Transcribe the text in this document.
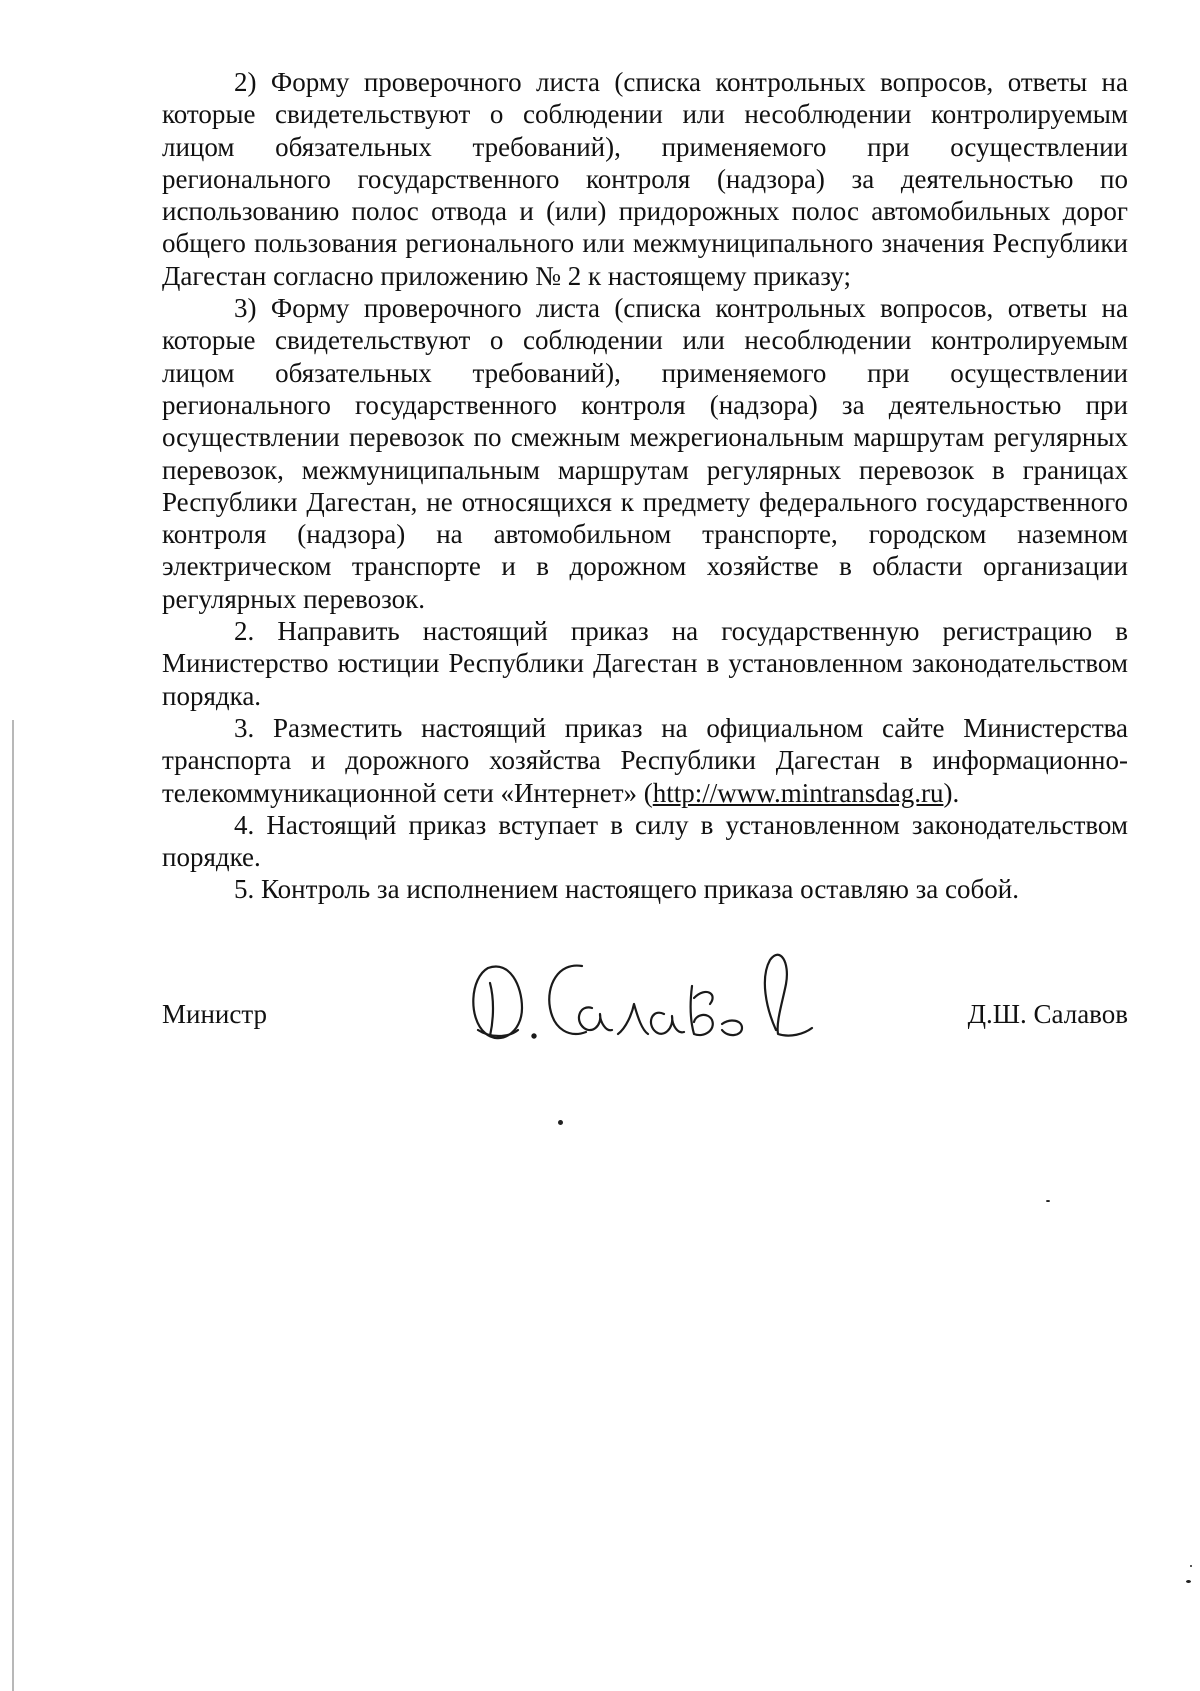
2) Форму проверочного листа (списка контрольных вопросов, ответы на которые свидетельствуют о соблюдении или несоблюдении контролируемым лицом обязательных требований), применяемого при осуществлении регионального государственного контроля (надзора) за деятельностью по использованию полос отвода и (или) придорожных полос автомобильных дорог общего пользования регионального или межмуниципального значения Республики Дагестан согласно приложению № 2 к настоящему приказу;

3) Форму проверочного листа (списка контрольных вопросов, ответы на которые свидетельствуют о соблюдении или несоблюдении контролируемым лицом обязательных требований), применяемого при осуществлении регионального государственного контроля (надзора) за деятельностью при осуществлении перевозок по смежным межрегиональным маршрутам регулярных перевозок, межмуниципальным маршрутам регулярных перевозок в границах Республики Дагестан, не относящихся к предмету федерального государственного контроля (надзора) на автомобильном транспорте, городском наземном электрическом транспорте и в дорожном хозяйстве в области организации регулярных перевозок.

2. Направить настоящий приказ на государственную регистрацию в Министерство юстиции Республики Дагестан в установленном законодательством порядка.

3. Разместить настоящий приказ на официальном сайте Министерства транспорта и дорожного хозяйства Республики Дагестан в информационно-телекоммуникационной сети «Интернет» (http://www.mintransdag.ru).

4. Настоящий приказ вступает в силу в установленном законодательством порядке.

5. Контроль за исполнением настоящего приказа оставляю за собой.

Министр	Д.Ш. Салавов
